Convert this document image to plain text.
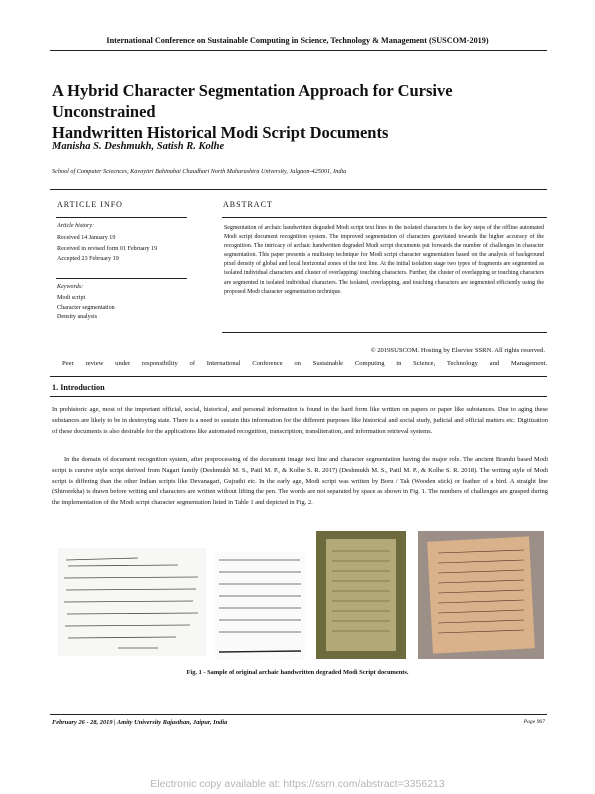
International Conference on Sustainable Computing in Science, Technology & Management (SUSCOM-2019)
A Hybrid Character Segmentation Approach for Cursive Unconstrained
Handwritten Historical Modi Script Documents
Manisha S. Deshmukh, Satish R. Kolhe
School of Computer Sciecnces, Kavayitri Bahinabai Chaudhari North Maharashtra University, Jalgaon-425001, India
ARTICLE INFO
Article history:
Received 14 January 19
Received in revised form 01 February 19
Accepted 23 February 19
Keywords:
Modi script
Character segmentation
Density analysis
ABSTRACT
Segmentation of archaic handwritten degraded Modi script text lines in the isolated characters is the key steps of the offline automated Modi script document recognition system. The improved segmentation of characters gravitated towards the higher accuracy of the recognition. The intricacy of archaic handwritten degraded Modi script documents put forwards the number of challenges in character segmentation. This paper presents a multistep technique for Modi script character segmentation based on the analysis of background pixel density of global and local horizontal zones of the text line. At the initial isolation stage two types of fragments are segmented as isolated individual characters and cluster of overlapping/ touching characters. Further, the cluster of overlapping or touching characters are segmented in isolated individual characters. The isolated, overlapping, and touching characters are segmented efficiently using the proposed Modi character segmentation technique.
© 2019SUSCOM. Hosting by Elsevier SSRN. All rights reserved.
Peer review under responsibility of International Conference on Sustainable Computing in Science, Technology and Management.
1. Introduction
In prehistoric age, most of the important official, social, historical, and personal information is found in the hard form like written on papers or paper like substances. Due to aging these substances are likely to be in destroying state. There is a need to sustain this information for the different purposes like historical and social study, judicial and official matters etc. Digitization of these documents is also desirable for the applications like automated recognition, transcription, transliteration, and information retrieval systems.
In the domain of document recognition system, after preprocessing of the document image text line and character segmentation having the major role. The ancient Bramhi based Modi script is cursive style script derived from Nagari family (Deshmukh M. S., Patil M. P., & Kolhe S. R. 2017) (Deshmukh M. S., Patil M. P., & Kolhe S. R. 2018). The writing style of Modi script is differing than the other Indian scripts like Devanagari, Gujrathi etc. In the early age, Modi script was written by Boru / Tak (Wooden stick) or feather of a bird. A straight line (Shirorekha) is drawn before writing and characters are written without lifting the pen. The words are not separated by space as shown in Fig. 1. The numbers of challenges are grasped during the implementation of the Modi script character segmentation listed in Table 1 and depicted in Fig. 2.
Fig. 1 - Sample of original archaic handwritten degraded Modi Script documents.
February 26 - 28, 2019 | Amity University Rajasthan, Jaipur, India	Page 967
Electronic copy available at: https://ssrn.com/abstract=3356213
